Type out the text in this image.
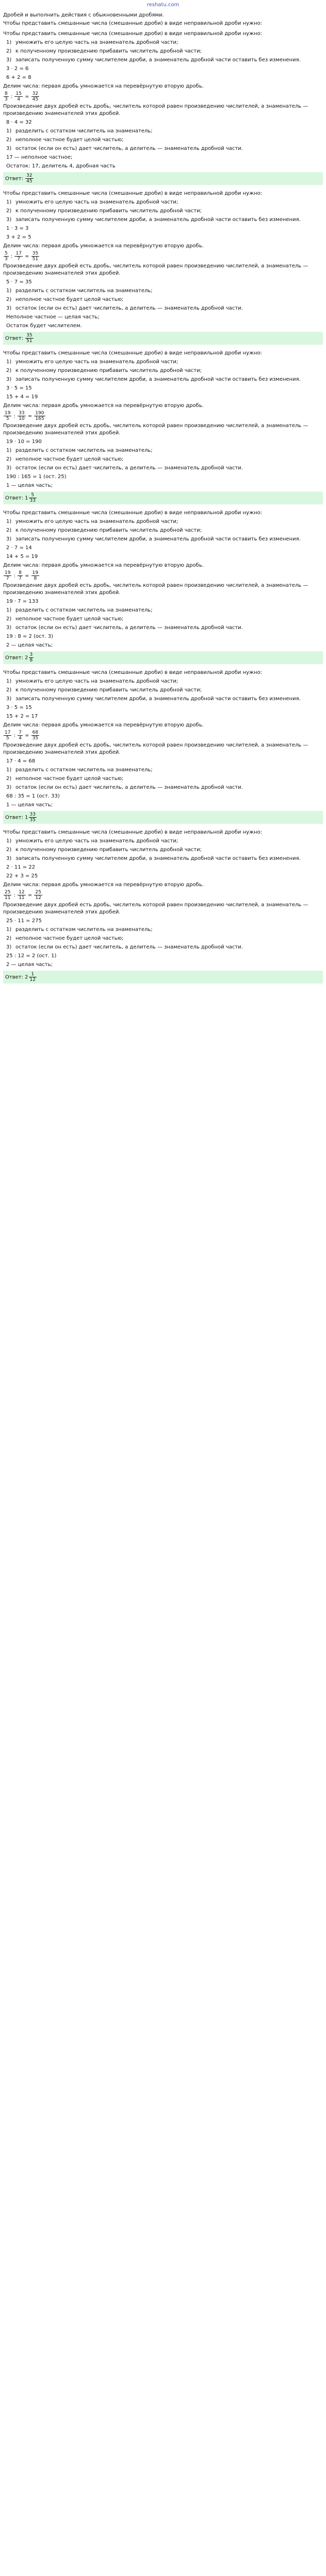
reshatu.com
Дробей и выполнить действия с обыкновенными дробями.
Чтобы представить смешанные числа (смешанные дроби) в виде неправильной дроби нужно:
Чтобы представить смешанные числа (смешанные дроби) в виде неправильной дроби нужно:
1) умножить его целую часть на знаменатель дробной части;
2) к полученному произведению прибавить числитель дробной части;
3) записать полученную сумму числителем дроби, а знаменатель дробной части оставить без изменения.
3 · 2 = 6
6 + 2 = 8
Делим числа: первая дробь умножается на перевёрнутую вторую дробь.
$\frac{8}{3}$ : $\frac{15}{4} = \frac{32}{45}$
Произведение двух дробей есть дробь, числитель которой равен произведению числителей, а знаменатель — произведению знаменателей этих дробей.
8 · 4 = 32
1) разделить с остатком числитель на знаменатель;
2) неполное частное будет целой частью;
3) остаток (если он есть) дает числитель, а делитель — знаменатель дробной части.
17 — неполное частное;
Остаток: 17, делитель 4, дробная часть
Ответ: $\frac{32}{45}$
Чтобы представить смешанные числа (смешанные дроби) в виде неправильной дроби нужно:
1) умножить его целую часть на знаменатель дробной части;
2) к полученному произведению прибавить числитель дробной части;
3) записать полученную сумму числителем дроби, а знаменатель дробной части оставить без изменения.
1 · 3 = 3
3 + 2 = 5
Делим числа: первая дробь умножается на перевёрнутую вторую дробь.
$\frac{5}{3}$ : $\frac{17}{7} = \frac{35}{51}$
Произведение двух дробей есть дробь, числитель которой равен произведению числителей, а знаменатель — произведению знаменателей этих дробей.
5 · 7 = 35
1) разделить с остатком числитель на знаменатель;
2) неполное частное будет целой частью;
3) остаток (если он есть) дает числитель, а делитель — знаменатель дробной части.
Неполное частное — целая часть;
Остаток будет числителем.
Ответ: $\frac{35}{51}$
Чтобы представить смешанные числа (смешанные дроби) в виде неправильной дроби нужно:
1) умножить его целую часть на знаменатель дробной части;
2) к полученному произведению прибавить числитель дробной части;
3) записать полученную сумму числителем дроби, а знаменатель дробной части оставить без изменения.
3 · 5 = 15
15 + 4 = 19
Делим числа: первая дробь умножается на перевёрнутую вторую дробь.
$\frac{19}{5}$ : $\frac{33}{10} = \frac{190}{165}$
Произведение двух дробей есть дробь, числитель которой равен произведению числителей, а знаменатель — произведению знаменателей этих дробей.
19 · 10 = 190
1) разделить с остатком числитель на знаменатель;
2) неполное частное будет целой частью;
3) остаток (если он есть) дает числитель, а делитель — знаменатель дробной части.
190 : 165 = 1 (ост. 25)
1 — целая часть;
Ответ: $1 \frac{5}{33}$
Чтобы представить смешанные числа (смешанные дроби) в виде неправильной дроби нужно:
1) умножить его целую часть на знаменатель дробной части;
2) к полученному произведению прибавить числитель дробной части;
3) записать полученную сумму числителем дроби, а знаменатель дробной части оставить без изменения.
2 · 7 = 14
14 + 5 = 19
Делим числа: первая дробь умножается на перевёрнутую вторую дробь.
$\frac{19}{7}$ : $\frac{8}{7} = \frac{19}{8}$
Произведение двух дробей есть дробь, числитель которой равен произведению числителей, а знаменатель — произведению знаменателей этих дробей.
19 · 7 = 133
1) разделить с остатком числитель на знаменатель;
2) неполное частное будет целой частью;
3) остаток (если он есть) дает числитель, а делитель — знаменатель дробной части.
19 : 8 = 2 (ост. 3)
2 — целая часть;
Ответ: $2 \frac{3}{8}$
Чтобы представить смешанные числа (смешанные дроби) в виде неправильной дроби нужно:
1) умножить его целую часть на знаменатель дробной части;
2) к полученному произведению прибавить числитель дробной части;
3) записать полученную сумму числителем дроби, а знаменатель дробной части оставить без изменения.
3 · 5 = 15
15 + 2 = 17
Делим числа: первая дробь умножается на перевёрнутую вторую дробь.
$\frac{17}{5}$ : $\frac{7}{4} = \frac{68}{35}$
Произведение двух дробей есть дробь, числитель которой равен произведению числителей, а знаменатель — произведению знаменателей этих дробей.
17 · 4 = 68
1) разделить с остатком числитель на знаменатель;
2) неполное частное будет целой частью;
3) остаток (если он есть) дает числитель, а делитель — знаменатель дробной части.
68 : 35 = 1 (ост. 33)
1 — целая часть;
Ответ: $1 \frac{33}{35}$
Чтобы представить смешанные числа (смешанные дроби) в виде неправильной дроби нужно:
1) умножить его целую часть на знаменатель дробной части;
2) к полученному произведению прибавить числитель дробной части;
3) записать полученную сумму числителем дроби, а знаменатель дробной части оставить без изменения.
2 · 11 = 22
22 + 3 = 25
Делим числа: первая дробь умножается на перевёрнутую вторую дробь.
$\frac{25}{11}$ : $\frac{12}{11} = \frac{25}{12}$
Произведение двух дробей есть дробь, числитель которой равен произведению числителей, а знаменатель — произведению знаменателей этих дробей.
25 · 11 = 275
1) разделить с остатком числитель на знаменатель;
2) неполное частное будет целой частью;
3) остаток (если он есть) дает числитель, а делитель — знаменатель дробной части.
25 : 12 = 2 (ост. 1)
2 — целая часть;
Ответ: $2 \frac{1}{12}$
